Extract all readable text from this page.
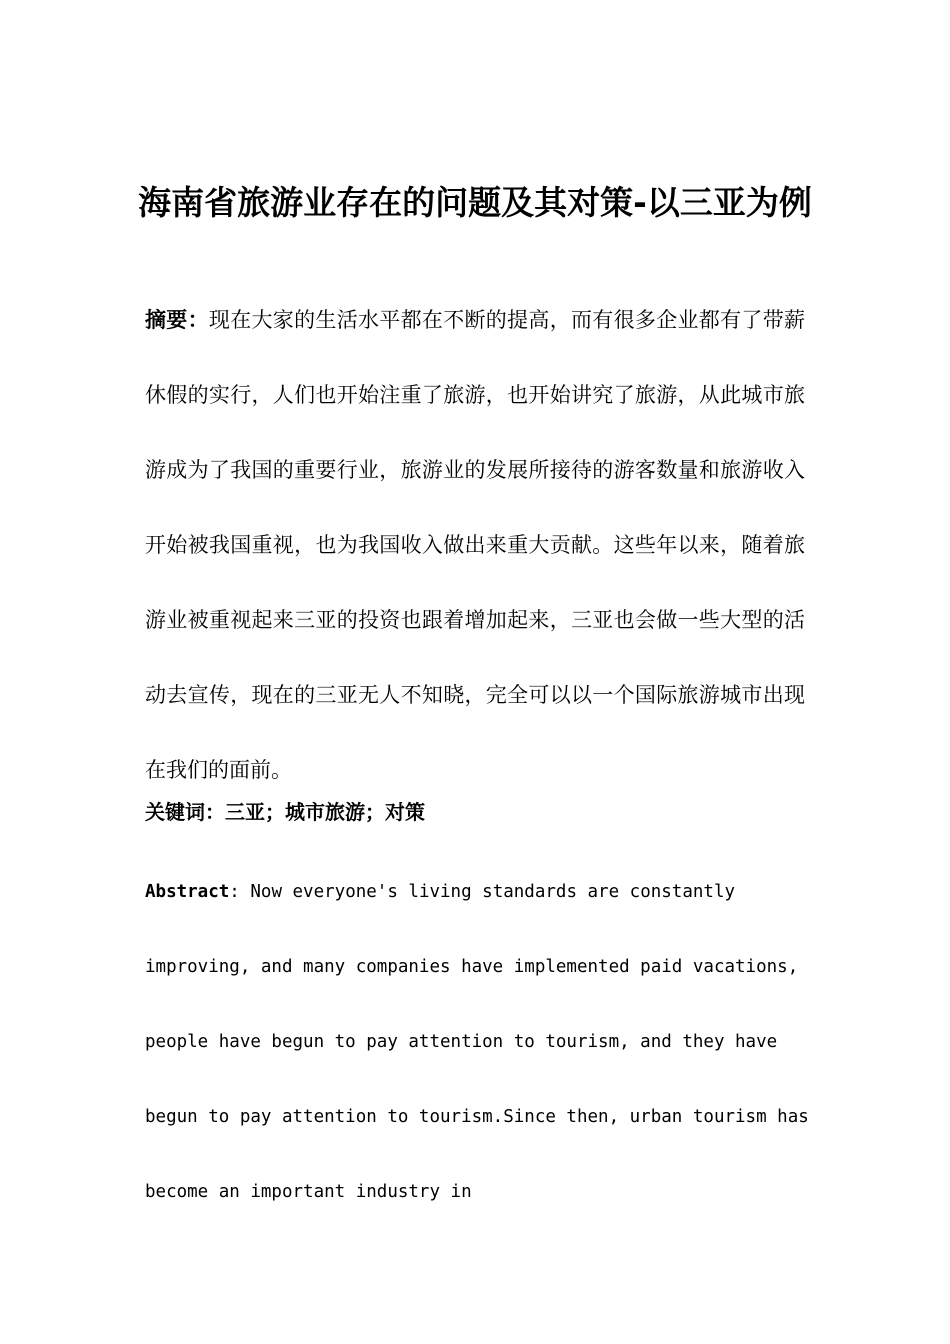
海南省旅游业存在的问题及其对策-以三亚为例

摘要：现在大家的生活水平都在不断的提高，而有很多企业都有了带薪休假的实行，人们也开始注重了旅游，也开始讲究了旅游，从此城市旅游成为了我国的重要行业，旅游业的发展所接待的游客数量和旅游收入开始被我国重视，也为我国收入做出来重大贡献。这些年以来，随着旅游业被重视起来三亚的投资也跟着增加起来，三亚也会做一些大型的活动去宣传，现在的三亚无人不知晓，完全可以以一个国际旅游城市出现在我们的面前。

关键词：三亚；城市旅游；对策

Abstract: Now everyone's living standards are constantly improving, and many companies have implemented paid vacations, people have begun to pay attention to tourism, and they have begun to pay attention to tourism.Since then, urban tourism has become an important industry in
